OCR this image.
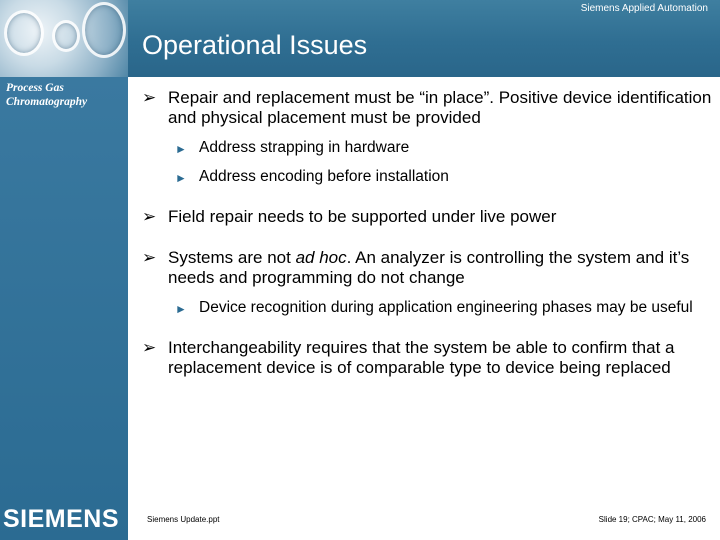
Siemens Applied Automation
Operational Issues
Process Gas
Chromatography
SIEMENS
➢ Repair and replacement must be “in place”. Positive device identification and physical placement must be provided
► Address strapping in hardware
► Address encoding before installation
➢ Field repair needs to be supported under live power
➢ Systems are not ad hoc. An analyzer is controlling the system and it’s needs and programming do not change
► Device recognition during application engineering phases may be useful
➢ Interchangeability requires that the system be able to confirm that a replacement device is of comparable type to device being replaced
Siemens Update.ppt	Slide 19; CPAC; May 11, 2006
